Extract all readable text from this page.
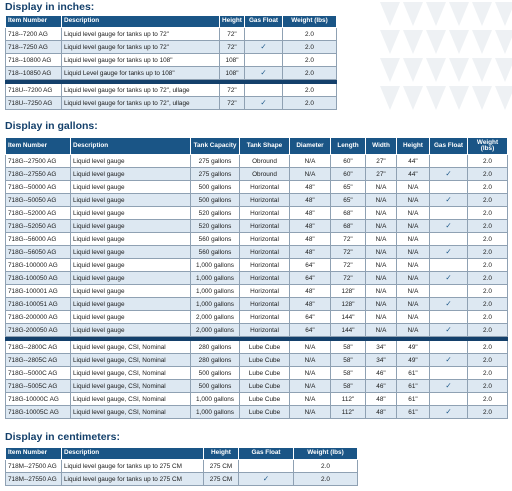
Display in inches:
Item Number	Description	Height	Gas Float	Weight (lbs)
718--7200 AG	Liquid level gauge for tanks up to 72"	72"		2.0
718--7250 AG	Liquid level gauge for tanks up to 72"	72"	✓	2.0
718--10800 AG	Liquid level gauge for tanks up to 108"	108"		2.0
718--10850 AG	Liquid Level gauge for tanks up to 108"	108"	✓	2.0

718U--7200 AG	Liquid level gauge for tanks up to 72", ullage	72"		2.0
718U--7250 AG	Liquid level gauge for tanks up to 72", ullage	72"	✓	2.0
Display in gallons:
Item Number	Description	Tank Capacity	Tank Shape	Diameter	Length	Width	Height	Gas Float	Weight (lbs)
718G--27500 AG	Liquid level gauge	275 gallons	Obround	N/A	60"	27"	44"		2.0
718G--27550 AG	Liquid level gauge	275 gallons	Obround	N/A	60"	27"	44"	✓	2.0
718G--50000 AG	Liquid level gauge	500 gallons	Horizontal	48"	65"	N/A	N/A		2.0
718G--50050 AG	Liquid level gauge	500 gallons	Horizontal	48"	65"	N/A	N/A	✓	2.0
718G--52000 AG	Liquid level gauge	520 gallons	Horizontal	48"	68"	N/A	N/A		2.0
718G--52050 AG	Liquid level gauge	520 gallons	Horizontal	48"	68"	N/A	N/A	✓	2.0
718G--56000 AG	Liquid level gauge	560 gallons	Horizontal	48"	72"	N/A	N/A		2.0
718G--56050 AG	Liquid level gauge	560 gallons	Horizontal	48"	72"	N/A	N/A	✓	2.0
718G-100000 AG	Liquid level gauge	1,000 gallons	Horizontal	64"	72"	N/A	N/A		2.0
718G-100050 AG	Liquid level gauge	1,000 gallons	Horizontal	64"	72"	N/A	N/A	✓	2.0
718G-100001 AG	Liquid level gauge	1,000 gallons	Horizontal	48"	128"	N/A	N/A		2.0
718G-100051 AG	Liquid level gauge	1,000 gallons	Horizontal	48"	128"	N/A	N/A	✓	2.0
718G-200000 AG	Liquid level gauge	2,000 gallons	Horizontal	64"	144"	N/A	N/A		2.0
718G-200050 AG	Liquid level gauge	2,000 gallons	Horizontal	64"	144"	N/A	N/A	✓	2.0

718G--2800C AG	Liquid level gauge, CSI, Nominal	280 gallons	Lube Cube	N/A	58"	34"	49"		2.0
718G--2805C AG	Liquid level gauge, CSI, Nominal	280 gallons	Lube Cube	N/A	58"	34"	49"	✓	2.0
718G--5000C AG	Liquid level gauge, CSI, Nominal	500 gallons	Lube Cube	N/A	58"	46"	61"		2.0
718G--5005C AG	Liquid level gauge, CSI, Nominal	500 gallons	Lube Cube	N/A	58"	46"	61"	✓	2.0
718G-10000C AG	Liquid level gauge, CSI, Nominal	1,000 gallons	Lube Cube	N/A	112"	48"	61"		2.0
718G-10005C AG	Liquid level gauge, CSI, Nominal	1,000 gallons	Lube Cube	N/A	112"	48"	61"	✓	2.0
Display in centimeters:
Item Number	Description	Height	Gas Float	Weight (lbs)
718M--27500 AG	Liquid level gauge for tanks up to 275 CM	275 CM		2.0
718M--27550 AG	Liquid level gauge for tanks up to 275 CM	275 CM	✓	2.0
